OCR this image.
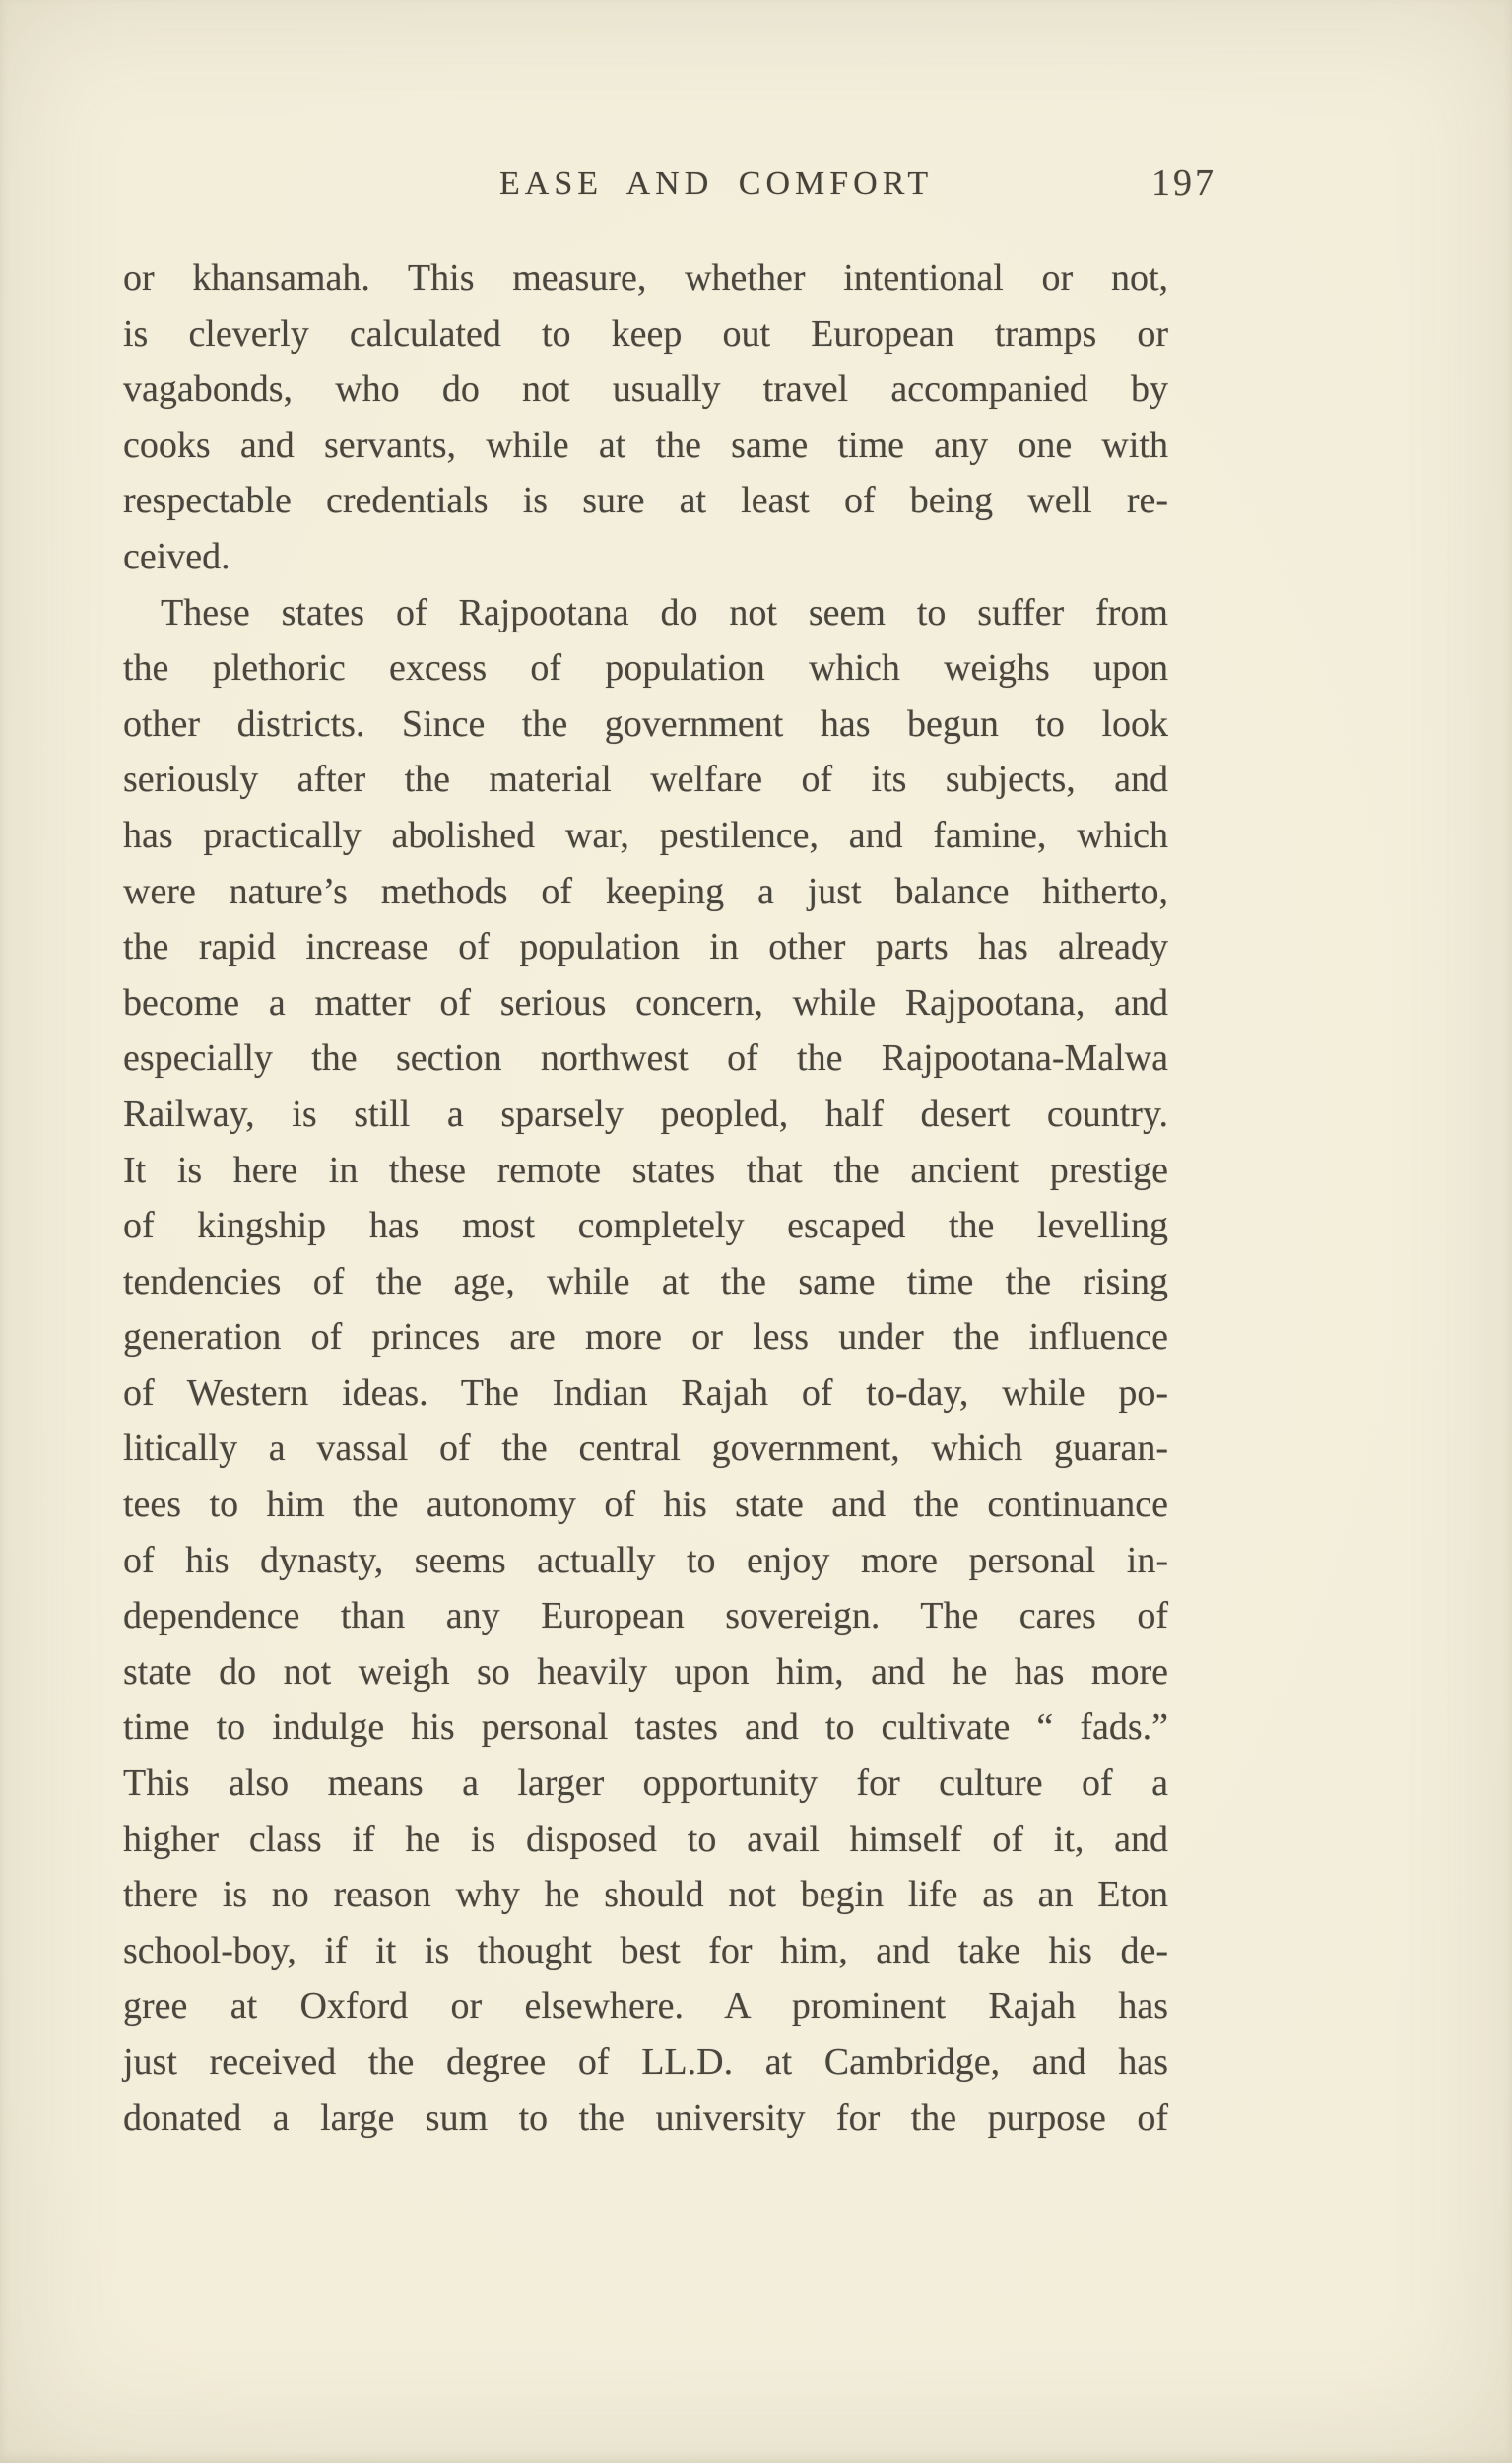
EASE AND COMFORT	197
or khansamah. This measure, whether intentional or not,
is cleverly calculated to keep out European tramps or
vagabonds, who do not usually travel accompanied by
cooks and servants, while at the same time any one with
respectable credentials is sure at least of being well re-
ceived.
These states of Rajpootana do not seem to suffer from
the plethoric excess of population which weighs upon
other districts. Since the government has begun to look
seriously after the material welfare of its subjects, and
has practically abolished war, pestilence, and famine, which
were nature’s methods of keeping a just balance hitherto,
the rapid increase of population in other parts has already
become a matter of serious concern, while Rajpootana, and
especially the section northwest of the Rajpootana-Malwa
Railway, is still a sparsely peopled, half desert country.
It is here in these remote states that the ancient prestige
of kingship has most completely escaped the levelling
tendencies of the age, while at the same time the rising
generation of princes are more or less under the influence
of Western ideas. The Indian Rajah of to-day, while po-
litically a vassal of the central government, which guaran-
tees to him the autonomy of his state and the continuance
of his dynasty, seems actually to enjoy more personal in-
dependence than any European sovereign. The cares of
state do not weigh so heavily upon him, and he has more
time to indulge his personal tastes and to cultivate “ fads.”
This also means a larger opportunity for culture of a
higher class if he is disposed to avail himself of it, and
there is no reason why he should not begin life as an Eton
school-boy, if it is thought best for him, and take his de-
gree at Oxford or elsewhere. A prominent Rajah has
just received the degree of LL.D. at Cambridge, and has
donated a large sum to the university for the purpose of
